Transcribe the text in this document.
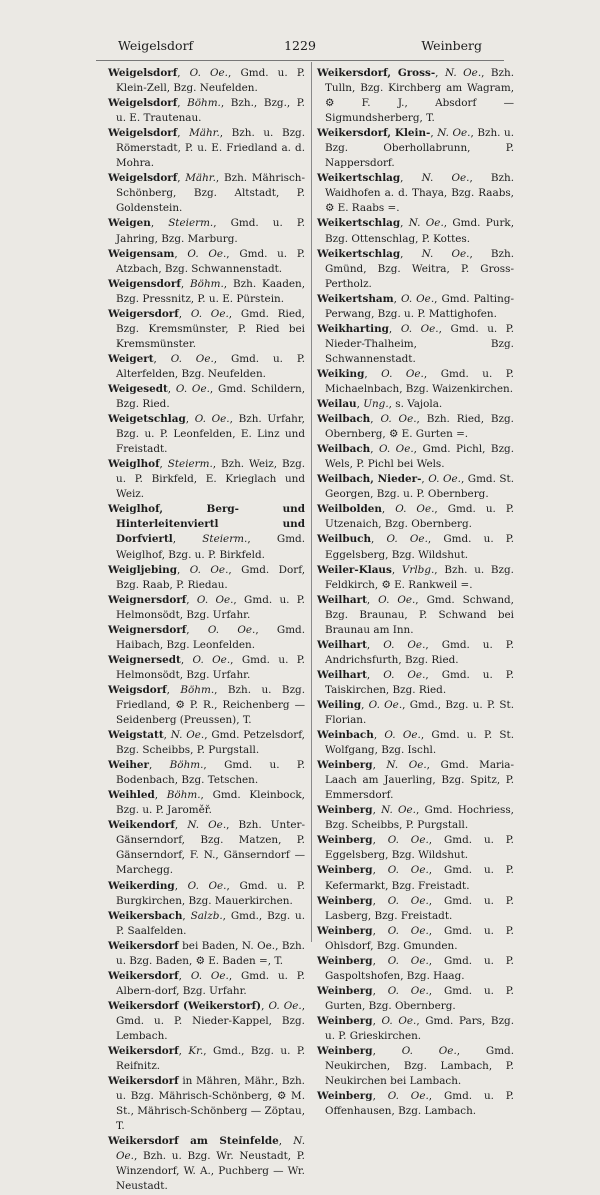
Weigelsdorf	1229	Weinberg
Weigelsdorf, O. Oe., Gmd. u. P. Klein-Zell, Bzg. Neufelden.
Weigelsdorf, Böhm., Bzh., Bzg., P. u. E. Trautenau.
Weigelsdorf, Mähr., Bzh. u. Bzg. Römerstadt, P. u. E. Friedland a. d. Mohra.
Weigelsdorf, Mähr., Bzh. Mährisch-Schönberg, Bzg. Altstadt, P. Goldenstein.
Weigen, Steierm., Gmd. u. P. Jahring, Bzg. Marburg.
Weigensam, O. Oe., Gmd. u. P. Atzbach, Bzg. Schwannenstadt.
Weigensdorf, Böhm., Bzh. Kaaden, Bzg. Pressnitz, P. u. E. Pürstein.
Weigersdorf, O. Oe., Gmd. Ried, Bzg. Kremsmünster, P. Ried bei Kremsmünster.
Weigert, O. Oe., Gmd. u. P. Alterfelden, Bzg. Neufelden.
Weigesedt, O. Oe., Gmd. Schildern, Bzg. Ried.
Weigetschlag, O. Oe., Bzh. Urfahr, Bzg. u. P. Leonfelden, E. Linz und Freistadt.
Weiglhof, Steierm., Bzh. Weiz, Bzg. u. P. Birkfeld, E. Krieglach und Weiz.
Weiglhof, Berg- und Hinterleitenviertl und Dorfviertl, Steierm., Gmd. Weiglhof, Bzg. u. P. Birkfeld.
Weigljebing, O. Oe., Gmd. Dorf, Bzg. Raab, P. Riedau.
Weignersdorf, O. Oe., Gmd. u. P. Helmonsödt, Bzg. Urfahr.
Weignersdorf, O. Oe., Gmd. Haibach, Bzg. Leonfelden.
Weignersedt, O. Oe., Gmd. u. P. Helmonsödt, Bzg. Urfahr.
Weigsdorf, Böhm., Bzh. u. Bzg. Friedland, ⚙ P. R., Reichenberg — Seidenberg (Preussen), T.
Weigstatt, N. Oe., Gmd. Petzelsdorf, Bzg. Scheibbs, P. Purgstall.
Weiher, Böhm., Gmd. u. P. Bodenbach, Bzg. Tetschen.
Weihled, Böhm., Gmd. Kleinbock, Bzg. u. P. Jaroměř.
Weikendorf, N. Oe., Bzh. Unter-Gänserndorf, Bzg. Matzen, P. Gänserndorf, F. N., Gänserndorf — Marchegg.
Weikerding, O. Oe., Gmd. u. P. Burgkirchen, Bzg. Mauerkirchen.
Weikersbach, Salzb., Gmd., Bzg. u. P. Saalfelden.
Weikersdorf bei Baden, N. Oe., Bzh. u. Bzg. Baden, ⚙ E. Baden =, T.
Weikersdorf, O. Oe., Gmd. u. P. Albern-dorf, Bzg. Urfahr.
Weikersdorf (Weikerstorf), O. Oe., Gmd. u. P. Nieder-Kappel, Bzg. Lembach.
Weikersdorf, Kr., Gmd., Bzg. u. P. Reifnitz.
Weikersdorf in Mähren, Mähr., Bzh. u. Bzg. Mährisch-Schönberg, ⚙ M. St., Mährisch-Schönberg — Zöptau, T.
Weikersdorf am Steinfelde, N. Oe., Bzh. u. Bzg. Wr. Neustadt, P. Winzendorf, W. A., Puchberg — Wr. Neustadt.
Weikersdorf, Gross-, N. Oe., Bzh. Tulln, Bzg. Kirchberg am Wagram, ⚙ F. J., Absdorf — Sigmundsherberg, T.
Weikersdorf, Klein-, N. Oe., Bzh. u. Bzg. Oberhollabrunn, P. Nappersdorf.
Weikertschlag, N. Oe., Bzh. Waidhofen a. d. Thaya, Bzg. Raabs, ⚙ E. Raabs =.
Weikertschlag, N. Oe., Gmd. Purk, Bzg. Ottenschlag, P. Kottes.
Weikertschlag, N. Oe., Bzh. Gmünd, Bzg. Weitra, P. Gross-Pertholz.
Weikertsham, O. Oe., Gmd. Palting-Perwang, Bzg. u. P. Mattighofen.
Weikharting, O. Oe., Gmd. u. P. Nieder-Thalheim, Bzg. Schwannenstadt.
Weiking, O. Oe., Gmd. u. P. Michaelnbach, Bzg. Waizenkirchen.
Weilau, Ung., s. Vajola.
Weilbach, O. Oe., Bzh. Ried, Bzg. Obernberg, ⚙ E. Gurten =.
Weilbach, O. Oe., Gmd. Pichl, Bzg. Wels, P. Pichl bei Wels.
Weilbach, Nieder-, O. Oe., Gmd. St. Georgen, Bzg. u. P. Obernberg.
Weilbolden, O. Oe., Gmd. u. P. Utzenaich, Bzg. Obernberg.
Weilbuch, O. Oe., Gmd. u. P. Eggelsberg, Bzg. Wildshut.
Weiler-Klaus, Vrlbg., Bzh. u. Bzg. Feldkirch, ⚙ E. Rankweil =.
Weilhart, O. Oe., Gmd. Schwand, Bzg. Braunau, P. Schwand bei Braunau am Inn.
Weilhart, O. Oe., Gmd. u. P. Andrichsfurth, Bzg. Ried.
Weilhart, O. Oe., Gmd. u. P. Taiskirchen, Bzg. Ried.
Weiling, O. Oe., Gmd., Bzg. u. P. St. Florian.
Weinbach, O. Oe., Gmd. u. P. St. Wolfgang, Bzg. Ischl.
Weinberg, N. Oe., Gmd. Maria-Laach am Jauerling, Bzg. Spitz, P. Emmersdorf.
Weinberg, N. Oe., Gmd. Hochriess, Bzg. Scheibbs, P. Purgstall.
Weinberg, O. Oe., Gmd. u. P. Eggelsberg, Bzg. Wildshut.
Weinberg, O. Oe., Gmd. u. P. Kefermarkt, Bzg. Freistadt.
Weinberg, O. Oe., Gmd. u. P. Lasberg, Bzg. Freistadt.
Weinberg, O. Oe., Gmd. u. P. Ohlsdorf, Bzg. Gmunden.
Weinberg, O. Oe., Gmd. u. P. Gaspoltshofen, Bzg. Haag.
Weinberg, O. Oe., Gmd. u. P. Gurten, Bzg. Obernberg.
Weinberg, O. Oe., Gmd. Pars, Bzg. u. P. Grieskirchen.
Weinberg, O. Oe., Gmd. Neukirchen, Bzg. Lambach, P. Neukirchen bei Lambach.
Weinberg, O. Oe., Gmd. u. P. Offenhausen, Bzg. Lambach.
